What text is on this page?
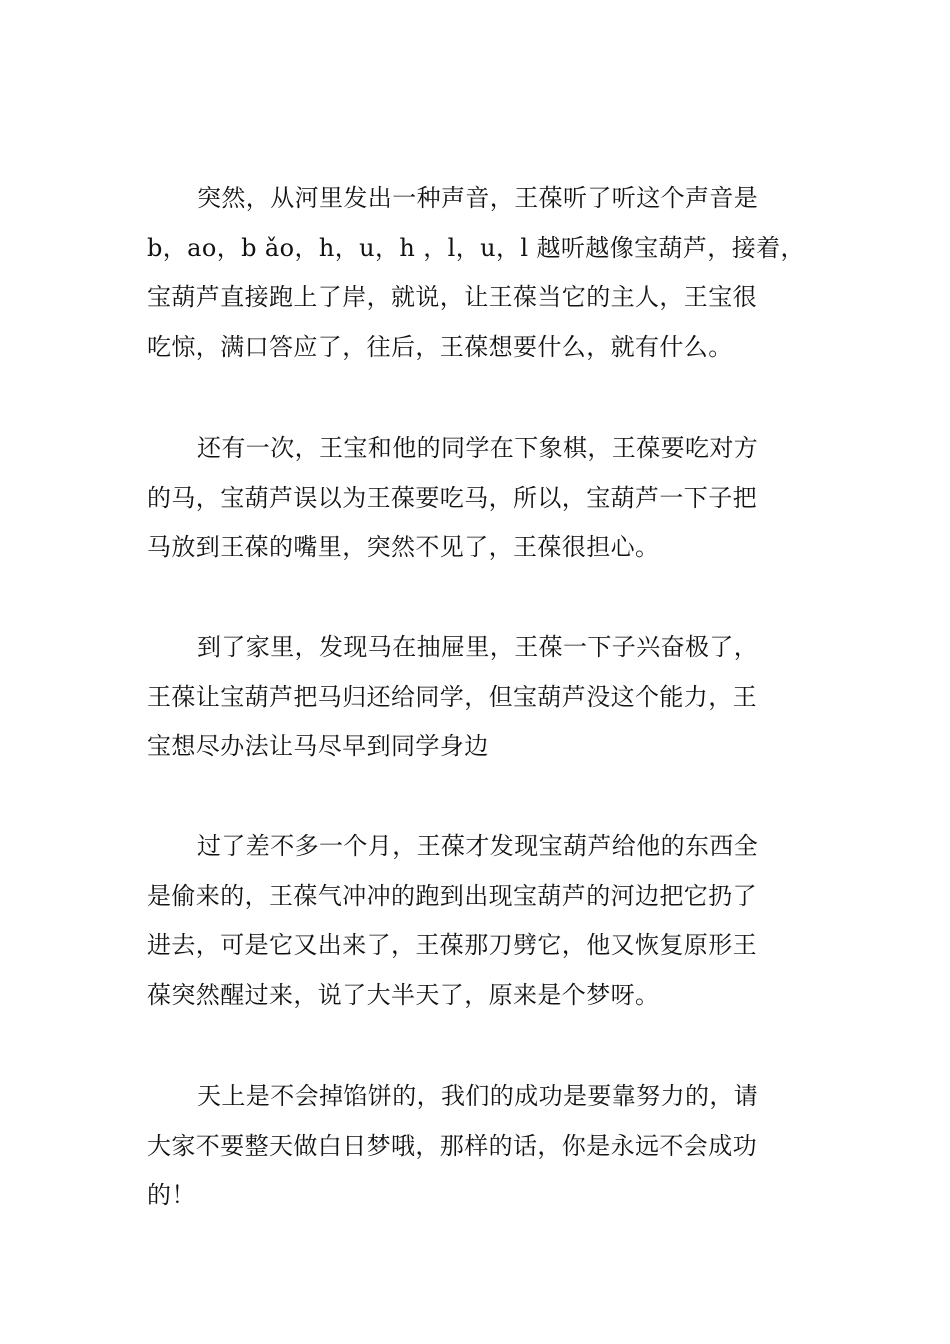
突然，从河里发出一种声音，王葆听了听这个声音是
b，ao，b ǎo，h，u，h ，l，u，l 越听越像宝葫芦，接着，
宝葫芦直接跑上了岸，就说，让王葆当它的主人，王宝很
吃惊，满口答应了，往后，王葆想要什么，就有什么。

还有一次，王宝和他的同学在下象棋，王葆要吃对方
的马，宝葫芦误以为王葆要吃马，所以，宝葫芦一下子把
马放到王葆的嘴里，突然不见了，王葆很担心。

到了家里，发现马在抽屉里，王葆一下子兴奋极了，
王葆让宝葫芦把马归还给同学，但宝葫芦没这个能力，王
宝想尽办法让马尽早到同学身边

过了差不多一个月，王葆才发现宝葫芦给他的东西全
是偷来的，王葆气冲冲的跑到出现宝葫芦的河边把它扔了
进去，可是它又出来了，王葆那刀劈它，他又恢复原形王
葆突然醒过来，说了大半天了，原来是个梦呀。

天上是不会掉馅饼的，我们的成功是要靠努力的，请
大家不要整天做白日梦哦，那样的话，你是永远不会成功
的！
